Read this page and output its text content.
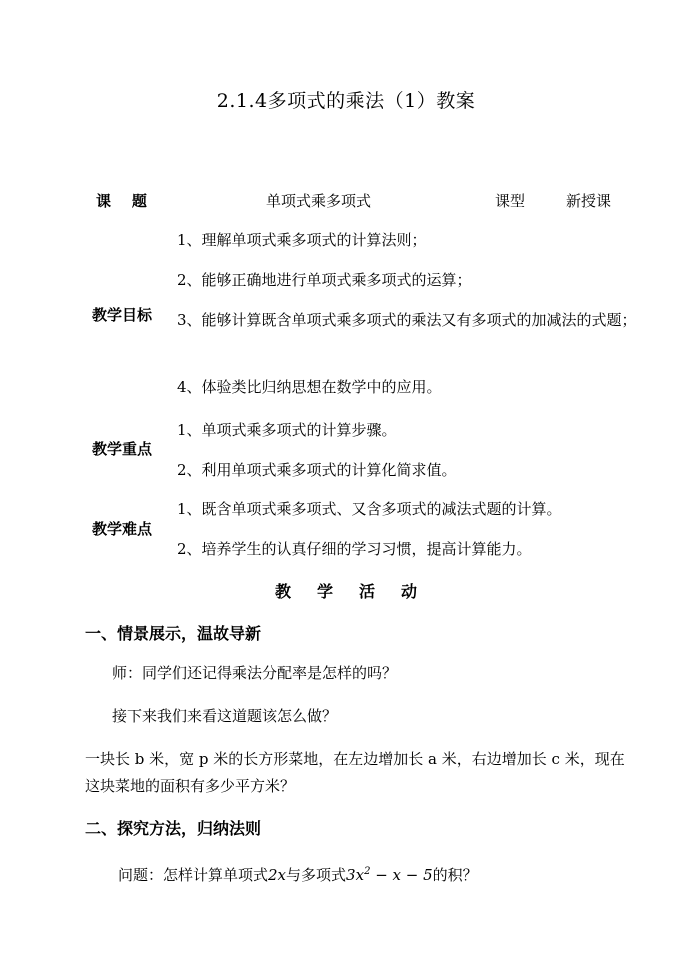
2.1.4多项式的乘法（1）教案
课    题	单项式乘多项式	课型	新授课
教学目标
1、理解单项式乘多项式的计算法则；
2、能够正确地进行单项式乘多项式的运算；
3、能够计算既含单项式乘多项式的乘法又有多项式的加减法的式题；
4、体验类比归纳思想在数学中的应用。
教学重点
1、单项式乘多项式的计算步骤。
2、利用单项式乘多项式的计算化简求值。
教学难点
1、既含单项式乘多项式、又含多项式的减法式题的计算。
2、培养学生的认真仔细的学习习惯，提高计算能力。
教学活动
一、情景展示，温故导新
师：同学们还记得乘法分配率是怎样的吗？
接下来我们来看这道题该怎么做？
一块长 b 米，宽 p 米的长方形菜地，在左边增加长 a 米，右边增加长 c 米，现在这块菜地的面积有多少平方米？
二、探究方法，归纳法则
问题：怎样计算单项式2x与多项式$3x^2 - x - 5$的积？
